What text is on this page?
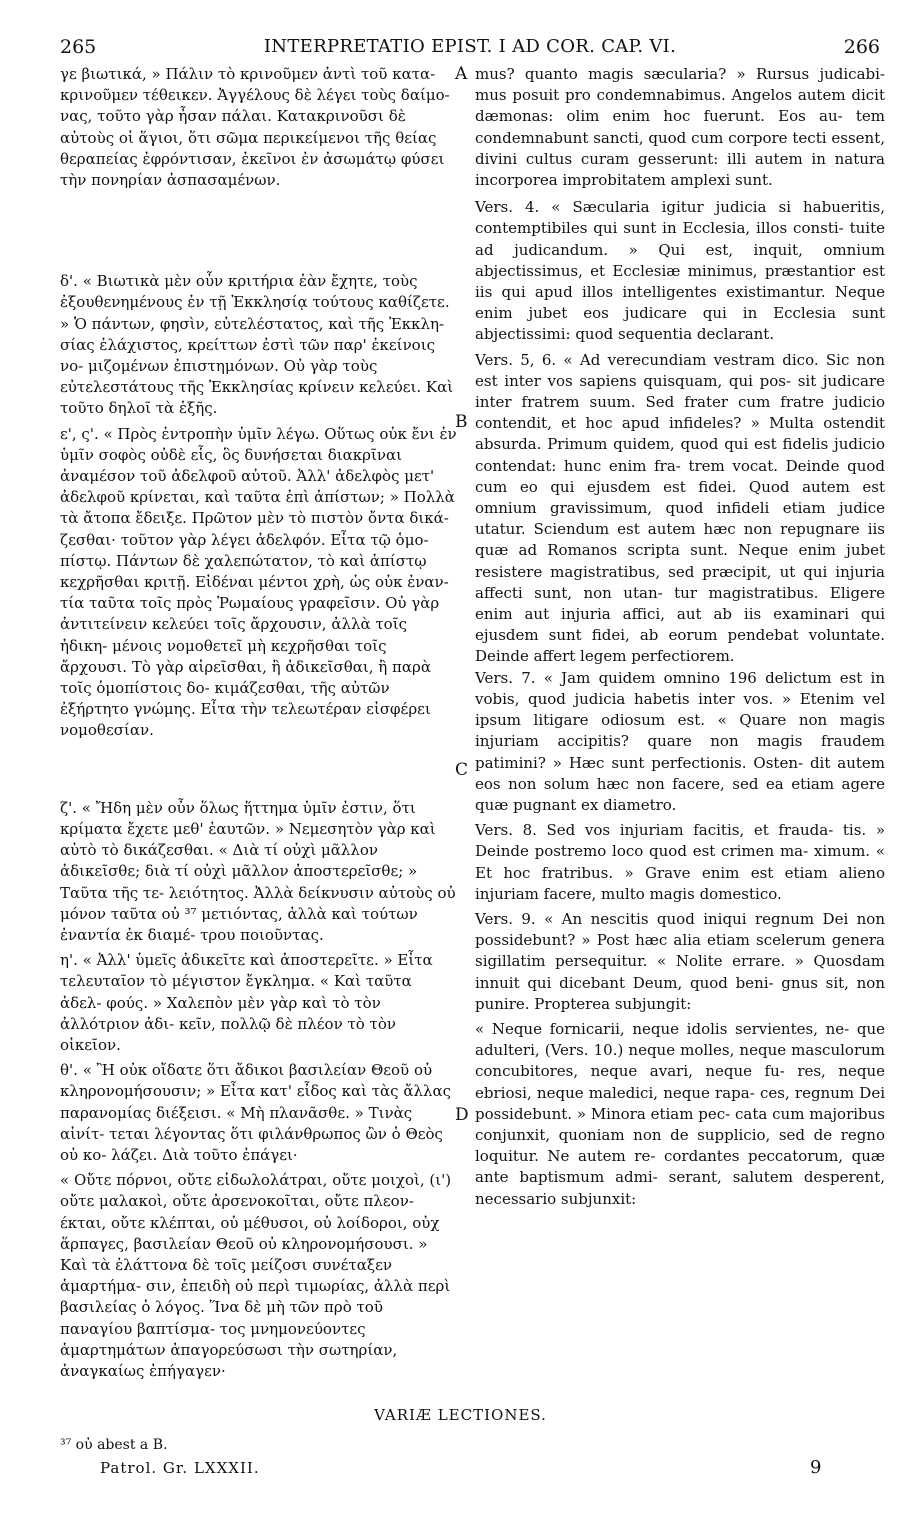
265	INTERPRETATIO EPIST. I AD COR. CAP. VI.	266
A
B
C
D

γε βιωτικά, » Πάλιν τὸ κρινοῦμεν ἀντὶ τοῦ κατα- κρινοῦμεν τέθεικεν. Ἀγγέλους δὲ λέγει τοὺς δαίμο- νας, τοῦτο γὰρ ἦσαν πάλαι. Κατακρινοῦσι δὲ αὐτοὺς οἱ ἅγιοι, ὅτι σῶμα περικείμενοι τῆς θείας θεραπείας ἐφρόντισαν, ἐκεῖνοι ἐν ἀσωμάτῳ φύσει τὴν πονηρίαν ἀσπασαμένων.

δ'. « Βιωτικὰ μὲν οὖν κριτήρια ἐὰν ἔχητε, τοὺς ἐξουθενημένους ἐν τῇ Ἐκκλησίᾳ τούτους καθίζετε. » Ὁ πάντων, φησὶν, εὐτελέστατος, καὶ τῆς Ἐκκλη- σίας ἐλάχιστος, κρείττων ἐστὶ τῶν παρ' ἐκείνοις νο- μιζομένων ἐπιστημόνων. Οὐ γὰρ τοὺς εὐτελεστάτους τῆς Ἐκκλησίας κρίνειν κελεύει. Καὶ τοῦτο δηλοῖ τὰ ἑξῆς.

ε', ς'. « Πρὸς ἐντροπὴν ὑμῖν λέγω. Οὕτως οὐκ ἔνι ἐν ὑμῖν σοφὸς οὐδὲ εἷς, ὃς δυνήσεται διακρῖναι ἀναμέσον τοῦ ἀδελφοῦ αὐτοῦ. Ἀλλ' ἀδελφὸς μετ' ἀδελφοῦ κρίνεται, καὶ ταῦτα ἐπὶ ἀπίστων; » Πολλὰ τὰ ἄτοπα ἔδειξε. Πρῶτον μὲν τὸ πιστὸν ὄντα δικά- ζεσθαι· τοῦτον γὰρ λέγει ἀδελφόν. Εἶτα τῷ ὁμο- πίστῳ. Πάντων δὲ χαλεπώτατον, τὸ καὶ ἀπίστῳ κεχρῆσθαι κριτῇ. Εἰδέναι μέντοι χρὴ, ὡς οὐκ ἐναν- τία ταῦτα τοῖς πρὸς Ῥωμαίους γραφεῖσιν. Οὐ γὰρ ἀντιτείνειν κελεύει τοῖς ἄρχουσιν, ἀλλὰ τοῖς ἠδικη- μένοις νομοθετεῖ μὴ κεχρῆσθαι τοῖς ἄρχουσι. Τὸ γὰρ αἱρεῖσθαι, ἢ ἀδικεῖσθαι, ἢ παρὰ τοῖς ὁμοπίστοις δο- κιμάζεσθαι, τῆς αὐτῶν ἐξήρτητο γνώμης. Εἶτα τὴν τελεωτέραν εἰσφέρει νομοθεσίαν.

ζ'. « Ἤδη μὲν οὖν ὅλως ἥττημα ὑμῖν ἐστιν, ὅτι κρίματα ἔχετε μεθ' ἑαυτῶν. » Νεμεσητὸν γὰρ καὶ αὐτὸ τὸ δικάζεσθαι. « Διὰ τί οὐχὶ μᾶλλον ἀδικεῖσθε; διὰ τί οὐχὶ μᾶλλον ἀποστερεῖσθε; » Ταῦτα τῆς τε- λειότητος. Ἀλλὰ δείκνυσιν αὐτοὺς οὐ μόνον ταῦτα οὐ ³⁷ μετιόντας, ἀλλὰ καὶ τούτων ἐναντία ἐκ διαμέ- τρου ποιοῦντας.

η'. « Ἀλλ' ὑμεῖς ἀδικεῖτε καὶ ἀποστερεῖτε. » Εἶτα τελευταῖον τὸ μέγιστον ἔγκλημα. « Καὶ ταῦτα ἀδελ- φούς. » Χαλεπὸν μὲν γὰρ καὶ τὸ τὸν ἀλλότριον ἀδι- κεῖν, πολλῷ δὲ πλέον τὸ τὸν οἰκεῖον.

θ'. « Ἢ οὐκ οἴδατε ὅτι ἄδικοι βασιλείαν Θεοῦ οὐ κληρονομήσουσιν; » Εἶτα κατ' εἶδος καὶ τὰς ἄλλας παρανομίας διέξεισι. « Μὴ πλανᾶσθε. » Τινὰς αἰνίτ- τεται λέγοντας ὅτι φιλάνθρωπος ὢν ὁ Θεὸς οὐ κο- λάζει. Διὰ τοῦτο ἐπάγει·

« Οὔτε πόρνοι, οὔτε εἰδωλολάτραι, οὔτε μοιχοὶ, (ι') οὔτε μαλακοὶ, οὔτε ἀρσενοκοῖται, οὔτε πλεον- έκται, οὔτε κλέπται, οὐ μέθυσοι, οὐ λοίδοροι, οὐχ ἅρπαγες, βασιλείαν Θεοῦ οὐ κληρονομήσουσι. » Καὶ τὰ ἐλάττονα δὲ τοῖς μείζοσι συνέταξεν ἁμαρτήμα- σιν, ἐπειδὴ οὐ περὶ τιμωρίας, ἀλλὰ περὶ βασιλείας ὁ λόγος. Ἵνα δὲ μὴ τῶν πρὸ τοῦ παναγίου βαπτίσμα- τος μνημονεύοντες ἁμαρτημάτων ἀπαγορεύσωσι τὴν σωτηρίαν, ἀναγκαίως ἐπήγαγεν·

mus? quanto magis sæcularia? » Rursus judicabi- mus posuit pro condemnabimus. Angelos autem dicit dæmonas: olim enim hoc fuerunt. Eos au- tem condemnabunt sancti, quod cum corpore tecti essent, divini cultus curam gesserunt: illi autem in natura incorporea improbitatem amplexi sunt.

Vers. 4. « Sæcularia igitur judicia si habueritis, contemptibiles qui sunt in Ecclesia, illos consti- tuite ad judicandum. » Qui est, inquit, omnium abjectissimus, et Ecclesiæ minimus, præstantior est iis qui apud illos intelligentes existimantur. Neque enim jubet eos judicare qui in Ecclesia sunt abjectissimi: quod sequentia declarant.

Vers. 5, 6. « Ad verecundiam vestram dico. Sic non est inter vos sapiens quisquam, qui pos- sit judicare inter fratrem suum. Sed frater cum fratre judicio contendit, et hoc apud infideles? » Multa ostendit absurda. Primum quidem, quod qui est fidelis judicio contendat: hunc enim fra- trem vocat. Deinde quod cum eo qui ejusdem est fidei. Quod autem est omnium gravissimum, quod infideli etiam judice utatur. Sciendum est autem hæc non repugnare iis quæ ad Romanos scripta sunt. Neque enim jubet resistere magistratibus, sed præcipit, ut qui injuria affecti sunt, non utan- tur magistratibus. Eligere enim aut injuria affici, aut ab iis examinari qui ejusdem sunt fidei, ab eorum pendebat voluntate. Deinde affert legem perfectiorem.

Vers. 7. « Jam quidem omnino 196 delictum est in vobis, quod judicia habetis inter vos. » Etenim vel ipsum litigare odiosum est. « Quare non magis injuriam accipitis? quare non magis fraudem patimini? » Hæc sunt perfectionis. Osten- dit autem eos non solum hæc non facere, sed ea etiam agere quæ pugnant ex diametro.

Vers. 8. Sed vos injuriam facitis, et frauda- tis. » Deinde postremo loco quod est crimen ma- ximum. « Et hoc fratribus. » Grave enim est etiam alieno injuriam facere, multo magis domestico.

Vers. 9. « An nescitis quod iniqui regnum Dei non possidebunt? » Post hæc alia etiam scelerum genera sigillatim persequitur. « Nolite errare. » Quosdam innuit qui dicebant Deum, quod beni- gnus sit, non punire. Propterea subjungit:

« Neque fornicarii, neque idolis servientes, ne- que adulteri, (Vers. 10.) neque molles, neque masculorum concubitores, neque avari, neque fu- res, neque ebriosi, neque maledici, neque rapa- ces, regnum Dei possidebunt. » Minora etiam pec- cata cum majoribus conjunxit, quoniam non de supplicio, sed de regno loquitur. Ne autem re- cordantes peccatorum, quæ ante baptismum admi- serant, salutem desperent, necessario subjunxit:

VARIÆ LECTIONES.
³⁷ οὐ abest a B.
Patrol. Gr. LXXXII.	9
